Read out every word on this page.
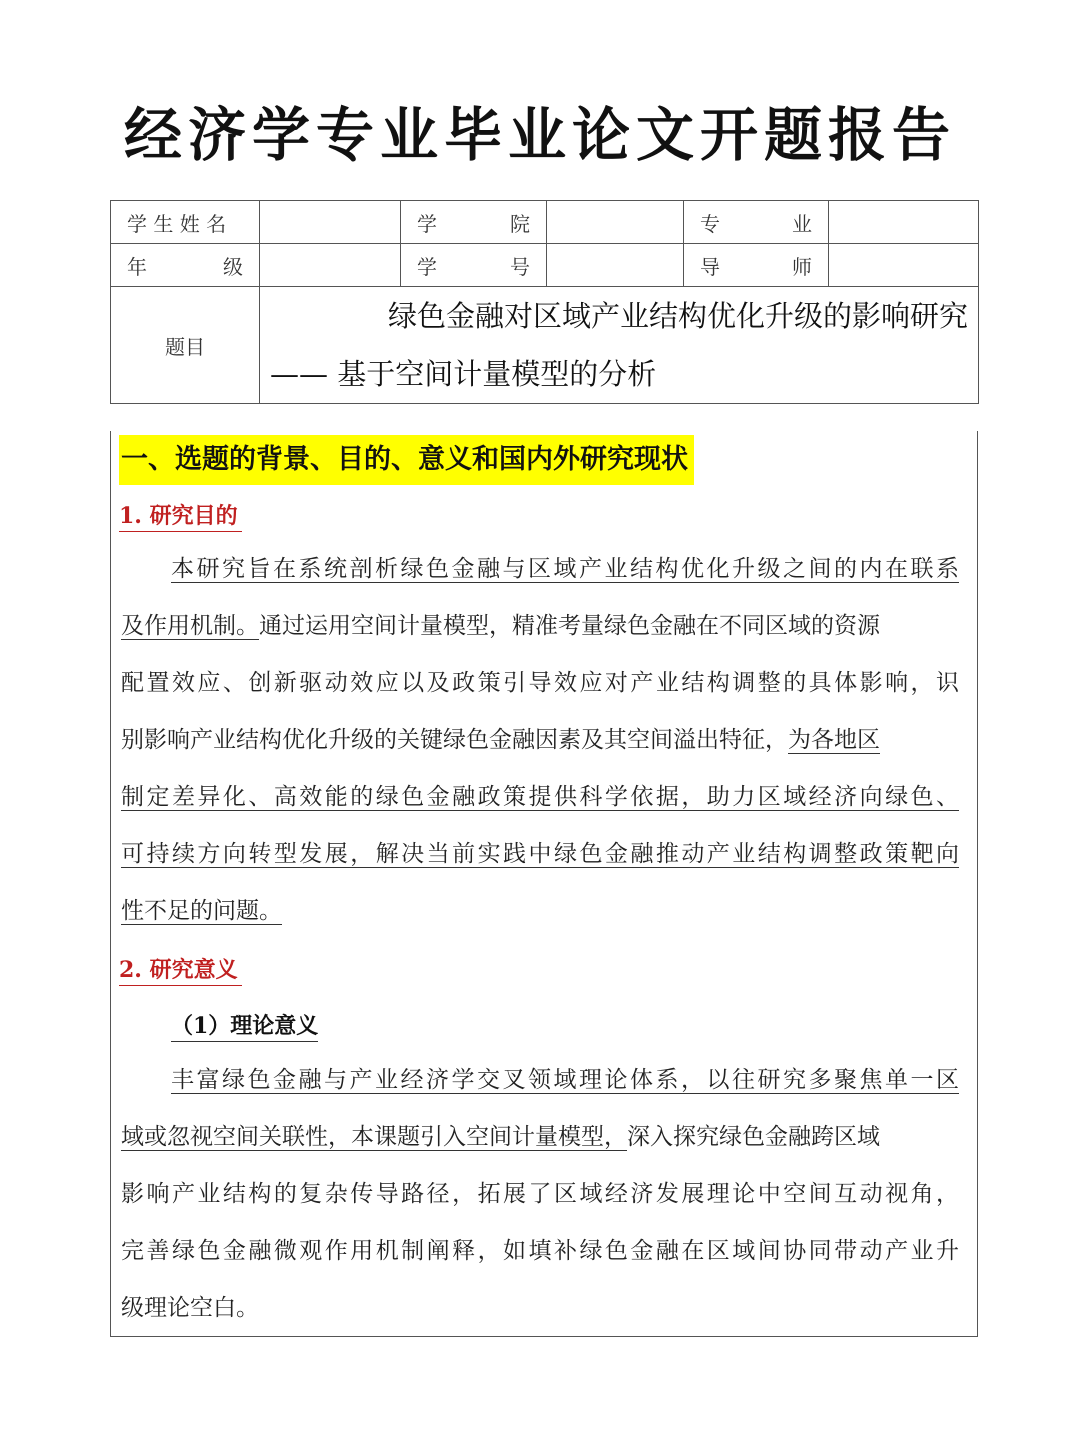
经济学专业毕业论文开题报告
学 生 姓 名		学 院		专 业	

年 级		学 号		导 师	

题目	绿色金融对区域产业结构优化升级的影响研究
—— 基于空间计量模型的分析				
一、选题的背景、目的、意义和国内外研究现状
1. 研究目的
本研究旨在系统剖析绿色金融与区域产业结构优化升级之间的内在联系
及作用机制。通过运用空间计量模型，精准考量绿色金融在不同区域的资源
配置效应、创新驱动效应以及政策引导效应对产业结构调整的具体影响，识
别影响产业结构优化升级的关键绿色金融因素及其空间溢出特征，为各地区
制定差异化、高效能的绿色金融政策提供科学依据，助力区域经济向绿色、
可持续方向转型发展，解决当前实践中绿色金融推动产业结构调整政策靶向
性不足的问题。
2. 研究意义
（1）理论意义
丰富绿色金融与产业经济学交叉领域理论体系，以往研究多聚焦单一区
域或忽视空间关联性，本课题引入空间计量模型，深入探究绿色金融跨区域
影响产业结构的复杂传导路径，拓展了区域经济发展理论中空间互动视角，
完善绿色金融微观作用机制阐释，如填补绿色金融在区域间协同带动产业升
级理论空白。
